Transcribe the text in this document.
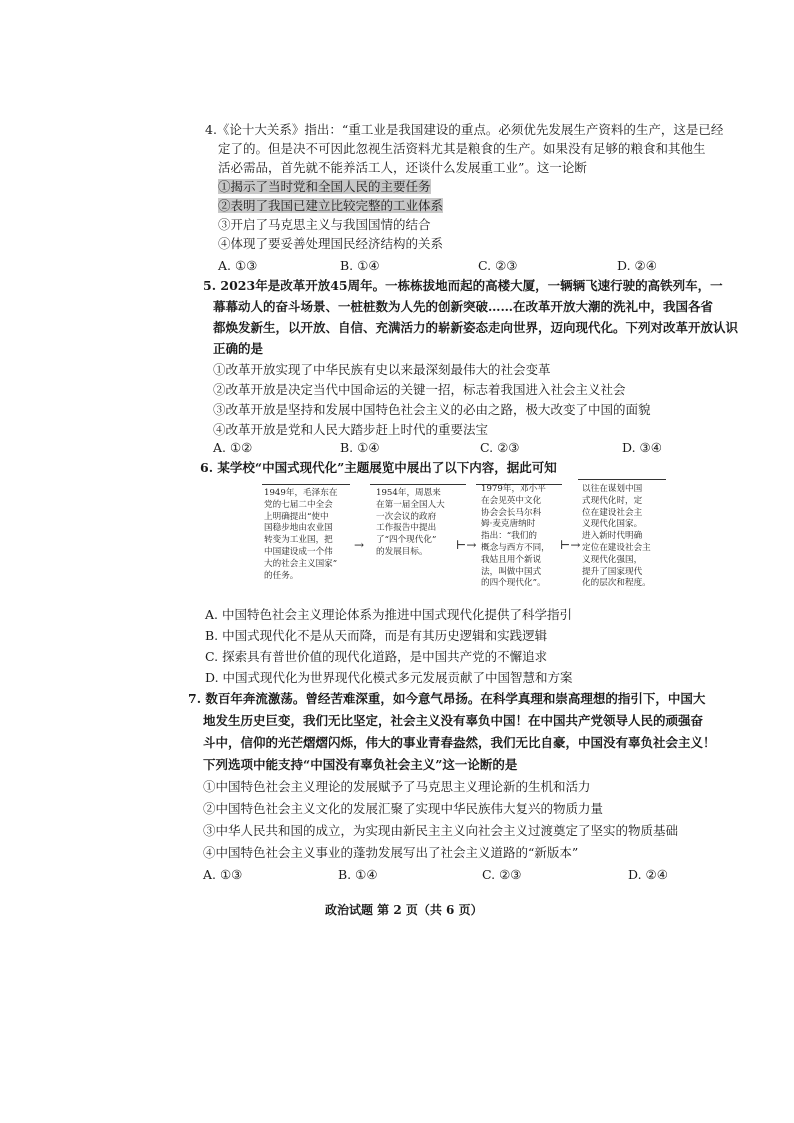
4.《论十大关系》指出：“重工业是我国建设的重点。必须优先发展生产资料的生产，这是已经
定了的。但是决不可因此忽视生活资料尤其是粮食的生产。如果没有足够的粮食和其他生
活必需品，首先就不能养活工人，还谈什么发展重工业”。这一论断
①揭示了当时党和全国人民的主要任务
②表明了我国已建立比较完整的工业体系
③开启了马克思主义与我国国情的结合
④体现了要妥善处理国民经济结构的关系
A. ①③	B. ①④	C. ②③	D. ②④
5. 2023年是改革开放45周年。一栋栋拔地而起的高楼大厦，一辆辆飞速行驶的高铁列车，一
幕幕动人的奋斗场景、一桩桩数为人先的创新突破……在改革开放大潮的洗礼中，我国各省
都焕发新生，以开放、自信、充满活力的崭新姿态走向世界，迈向现代化。下列对改革开放认识
正确的是
①改革开放实现了中华民族有史以来最深刻最伟大的社会变革
②改革开放是决定当代中国命运的关键一招，标志着我国进入社会主义社会
③改革开放是坚持和发展中国特色社会主义的必由之路，极大改变了中国的面貌
④改革开放是党和人民大踏步赶上时代的重要法宝
A. ①②	B. ①④	C. ②③	D. ③④
6. 某学校“中国式现代化”主题展览中展出了以下内容，据此可知
1949年，毛泽东在
党的七届二中全会
上明确提出“使中
国稳步地由农业国
转变为工业国，把
中国建设成一个伟
大的社会主义国家”
的任务。
→
1954年，周恩来
在第一届全国人大
一次会议的政府
工作报告中提出
了“四个现代化”
的发展目标。	⊢→
1979年，邓小平
在会见英中文化
协会会长马尔科
姆·麦克唐纳时
指出：“我们的
概念与西方不同，
我姑且用个新说
法，叫做中国式
的四个现代化”。
⊢→
以往在谋划中国
式现代化时，定
位在建设社会主
义现代化国家。
进入新时代明确
定位在建设社会主
义现代化强国，
提升了国家现代
化的层次和程度。
A. 中国特色社会主义理论体系为推进中国式现代化提供了科学指引
B. 中国式现代化不是从天而降，而是有其历史逻辑和实践逻辑
C. 探索具有普世价值的现代化道路，是中国共产党的不懈追求
D. 中国式现代化为世界现代化模式多元发展贡献了中国智慧和方案
7. 数百年奔流激荡。曾经苦难深重，如今意气昂扬。在科学真理和崇高理想的指引下，中国大
地发生历史巨变，我们无比坚定，社会主义没有辜负中国！在中国共产党领导人民的顽强奋
斗中，信仰的光芒熠熠闪烁，伟大的事业青春盎然，我们无比自豪，中国没有辜负社会主义！
下列选项中能支持“中国没有辜负社会主义”这一论断的是
①中国特色社会主义理论的发展赋予了马克思主义理论新的生机和活力
②中国特色社会主义文化的发展汇聚了实现中华民族伟大复兴的物质力量
③中华人民共和国的成立，为实现由新民主主义向社会主义过渡奠定了坚实的物质基础
④中国特色社会主义事业的蓬勃发展写出了社会主义道路的“新版本”
A. ①③	B. ①④	C. ②③	D. ②④
政治试题 第 2 页（共 6 页）
